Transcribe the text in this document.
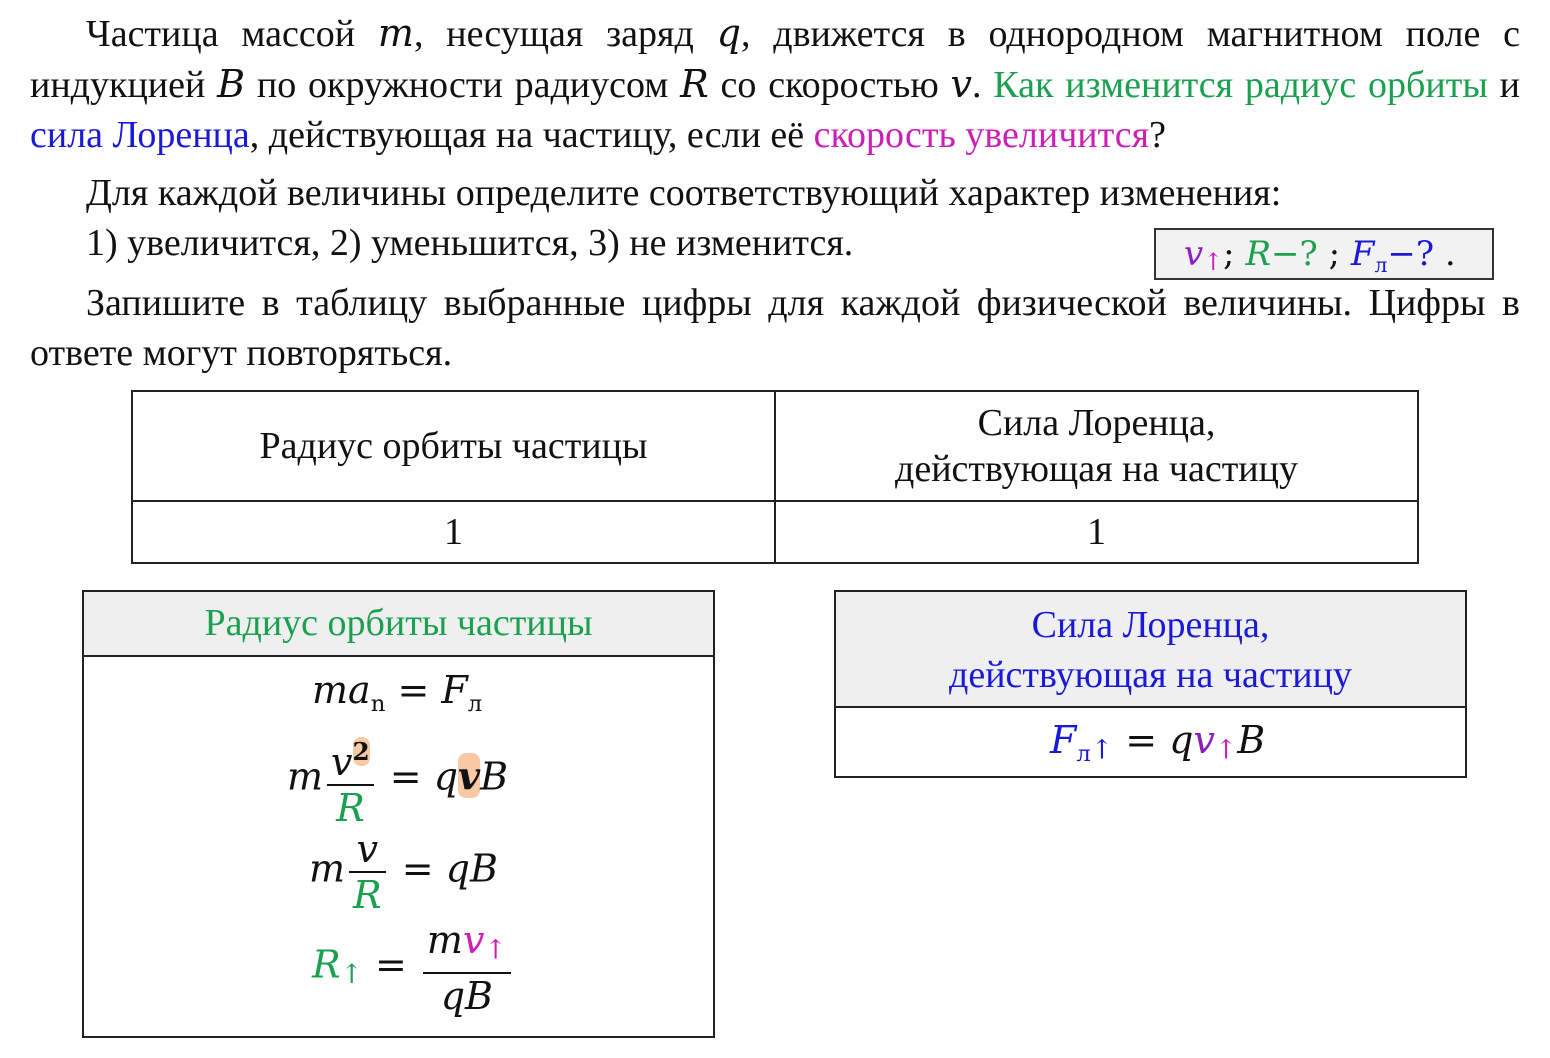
Частица массой m, несущая заряд q, движется в однородном магнитном поле с индукцией B по окружности радиусом R со скоростью v. Как изменится радиус орбиты и сила Лоренца, действующая на частицу, если её скорость увеличится?
Для каждой величины определите соответствующий характер изменения:
1) увеличится, 2) уменьшится, 3) не изменится.	v↑; R−? ; $F_л-$? .
Запишите в таблицу выбранные цифры для каждой физической величины. Цифры в ответе могут повторяться.
Радиус орбиты частицы	Сила Лоренца,
действующая на частицу

1	1
Радиус орбиты частицы
$ma_n = F_л$
m $\frac{v^2}{R}$ = qvB
m $\frac{v}{R}$ = qB
R↑ = $\frac{mv↑}{qB}$
Сила Лоренца,
действующая на частицу
$F_л↑$ = qv↑B
